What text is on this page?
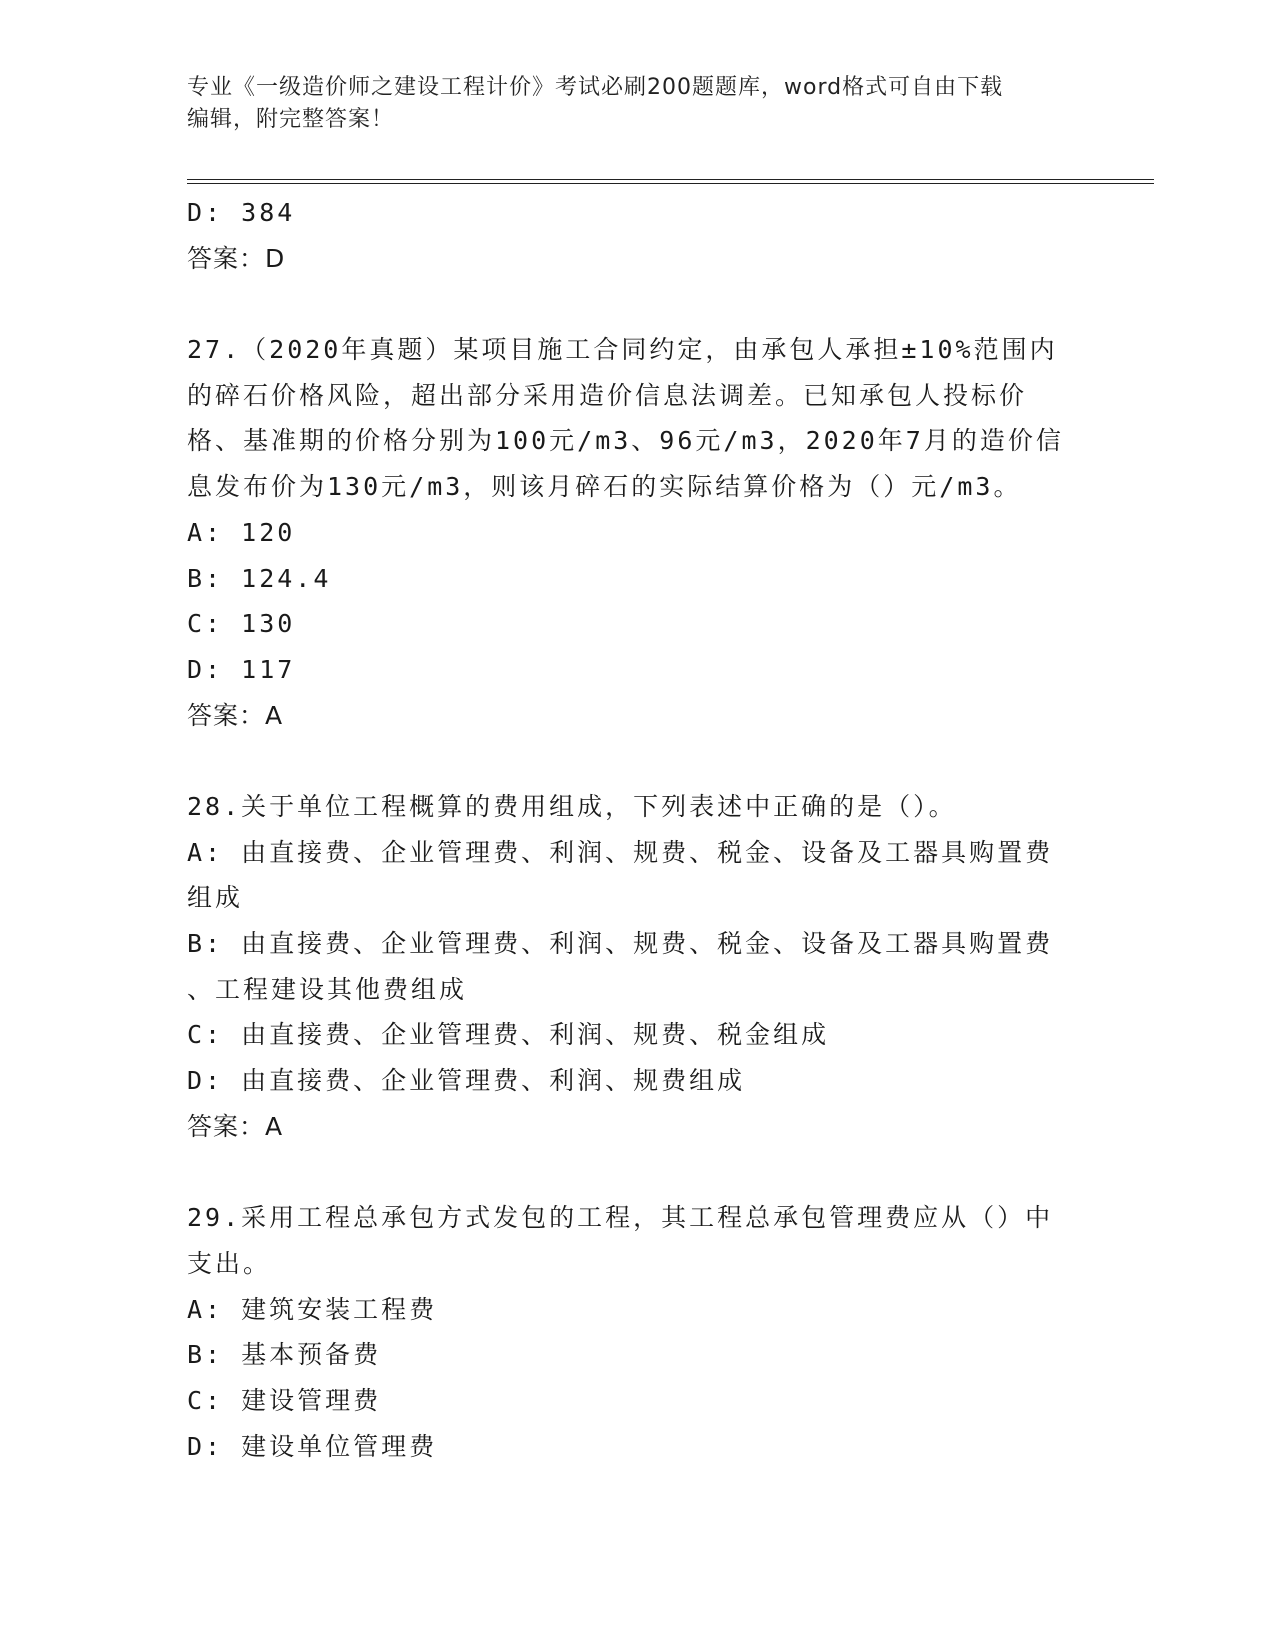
专业《一级造价师之建设工程计价》考试必刷200题题库，word格式可自由下载
编辑，附完整答案！
D: 384
答案：D
27.（2020年真题）某项目施工合同约定，由承包人承担±10%范围内
的碎石价格风险，超出部分采用造价信息法调差。已知承包人投标价
格、基准期的价格分别为100元/m3、96元/m3，2020年7月的造价信
息发布价为130元/m3，则该月碎石的实际结算价格为（）元/m3。
A: 120
B: 124.4
C: 130
D: 117
答案：A
28.关于单位工程概算的费用组成，下列表述中正确的是（）。
A: 由直接费、企业管理费、利润、规费、税金、设备及工器具购置费
组成
B: 由直接费、企业管理费、利润、规费、税金、设备及工器具购置费
、工程建设其他费组成
C: 由直接费、企业管理费、利润、规费、税金组成
D: 由直接费、企业管理费、利润、规费组成
答案：A
29.采用工程总承包方式发包的工程，其工程总承包管理费应从（）中
支出。
A: 建筑安装工程费
B: 基本预备费
C: 建设管理费
D: 建设单位管理费
